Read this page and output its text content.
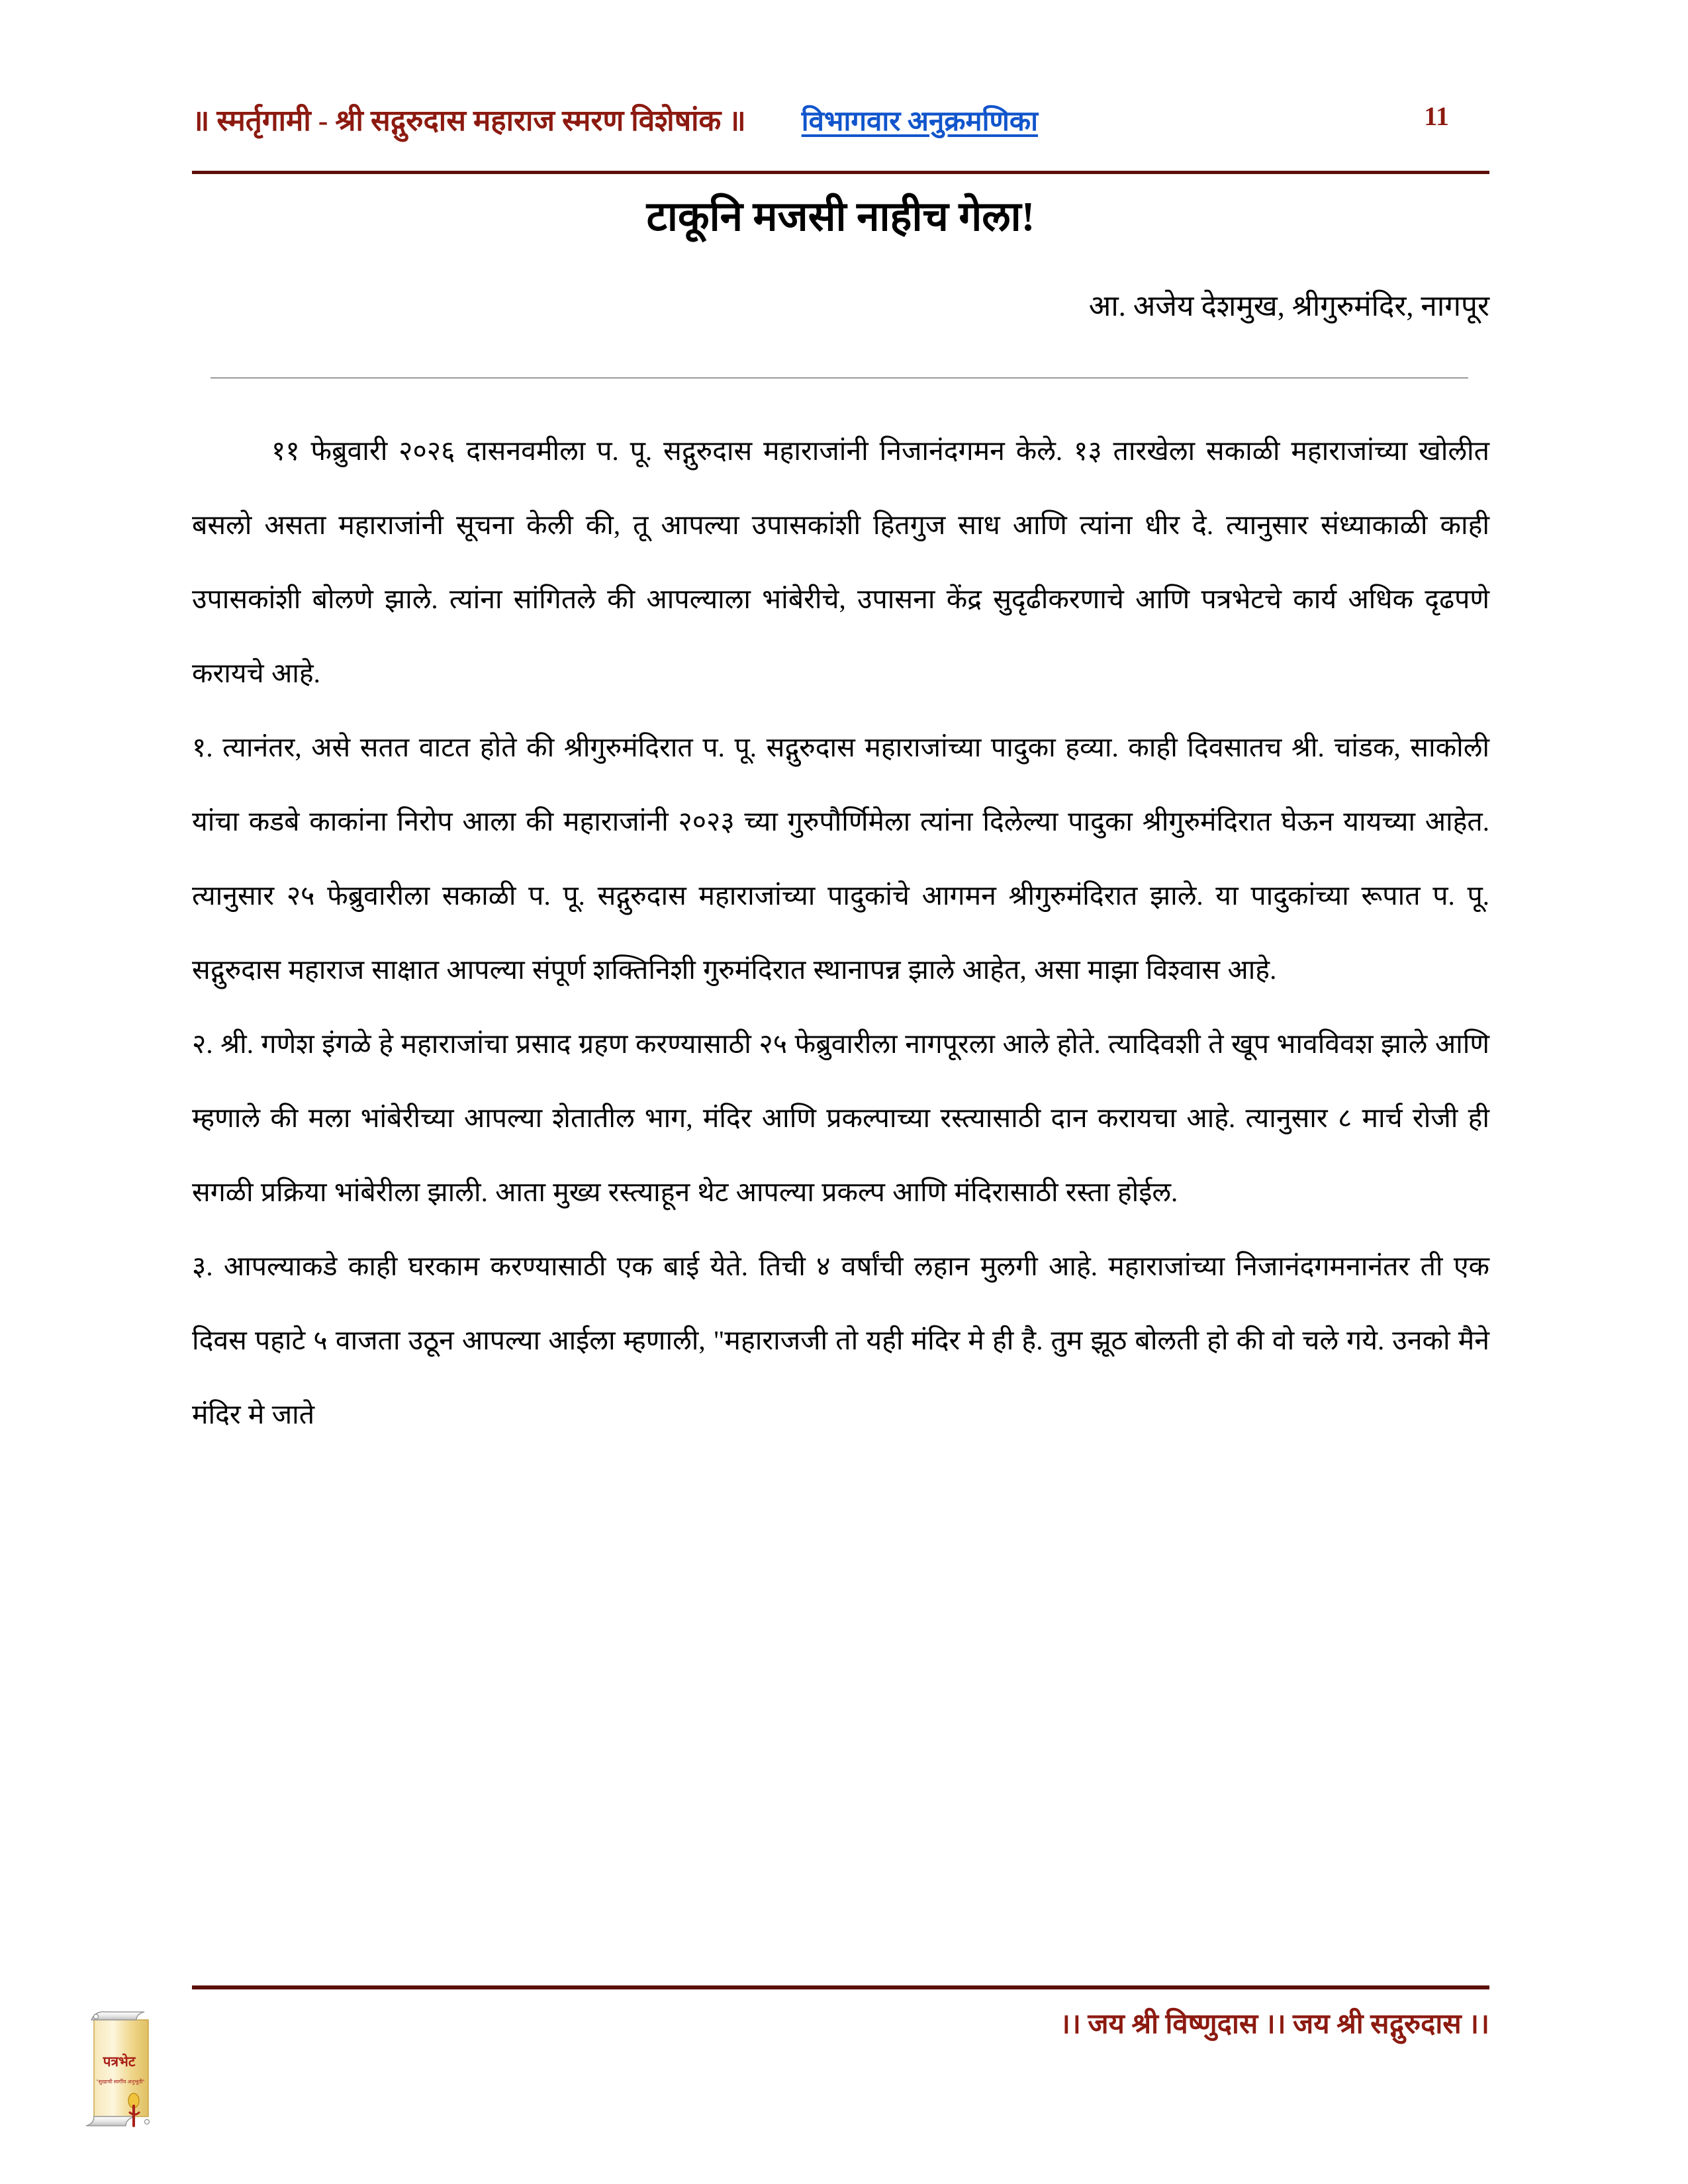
॥ स्मर्तृगामी - श्री सद्गुरुदास महाराज स्मरण विशेषांक ॥ विभागवार अनुक्रमणिका	11
टाकूनि मजसी नाहीच गेला!
आ. अजेय देशमुख, श्रीगुरुमंदिर, नागपूर

११ फेब्रुवारी २०२६ दासनवमीला प. पू. सद्गुरुदास महाराजांनी निजानंदगमन केले. १३ तारखेला सकाळी महाराजांच्या खोलीत बसलो असता महाराजांनी सूचना केली की, तू आपल्या उपासकांशी हितगुज साध आणि त्यांना धीर दे. त्यानुसार संध्याकाळी काही उपासकांशी बोलणे झाले. त्यांना सांगितले की आपल्याला भांबेरीचे, उपासना केंद्र सुदृढीकरणाचे आणि पत्रभेटचे कार्य अधिक दृढपणे करायचे आहे.

१. त्यानंतर, असे सतत वाटत होते की श्रीगुरुमंदिरात प. पू. सद्गुरुदास महाराजांच्या पादुका हव्या. काही दिवसातच श्री. चांडक, साकोली यांचा कडबे काकांना निरोप आला की महाराजांनी २०२३ च्या गुरुपौर्णिमेला त्यांना दिलेल्या पादुका श्रीगुरुमंदिरात घेऊन यायच्या आहेत. त्यानुसार २५ फेब्रुवारीला सकाळी प. पू. सद्गुरुदास महाराजांच्या पादुकांचे आगमन श्रीगुरुमंदिरात झाले. या पादुकांच्या रूपात प. पू. सद्गुरुदास महाराज साक्षात आपल्या संपूर्ण शक्तिनिशी गुरुमंदिरात स्थानापन्न झाले आहेत, असा माझा विश्वास आहे.

२. श्री. गणेश इंगळे हे महाराजांचा प्रसाद ग्रहण करण्यासाठी २५ फेब्रुवारीला नागपूरला आले होते. त्यादिवशी ते खूप भावविवश झाले आणि म्हणाले की मला भांबेरीच्या आपल्या शेतातील भाग, मंदिर आणि प्रकल्पाच्या रस्त्यासाठी दान करायचा आहे. त्यानुसार ८ मार्च रोजी ही सगळी प्रक्रिया भांबेरीला झाली. आता मुख्य रस्त्याहून थेट आपल्या प्रकल्प आणि मंदिरासाठी रस्ता होईल.

३. आपल्याकडे काही घरकाम करण्यासाठी एक बाई येते. तिची ४ वर्षांची लहान मुलगी आहे. महाराजांच्या निजानंदगमनानंतर ती एक दिवस पहाटे ५ वाजता उठून आपल्या आईला म्हणाली, "महाराजजी तो यही मंदिर मे ही है. तुम झूठ बोलती हो की वो चले गये. उनको मैने मंदिर मे जाते

।। जय श्री विष्णुदास ।। जय श्री सद्गुरुदास ।।
पत्रभेट
"सुखाची स्वर्गीय अनुभूती"
